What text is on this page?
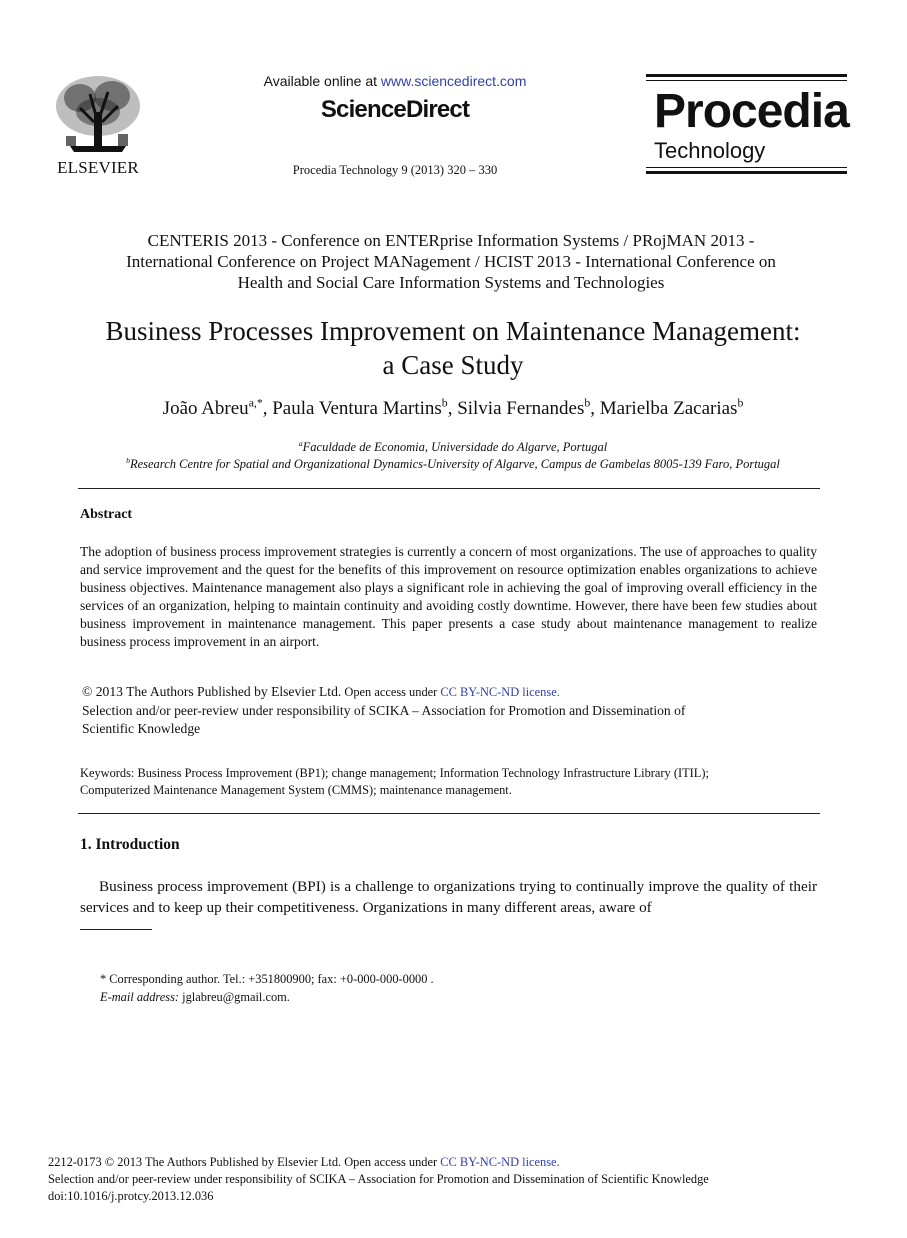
ELSEVIER
Available online at www.sciencedirect.com
ScienceDirect
Procedia Technology 9 (2013) 320 – 330
Procedia
Technology
CENTERIS 2013 - Conference on ENTERprise Information Systems / PRojMAN 2013 -
International Conference on Project MANagement / HCIST 2013 - International Conference on
Health and Social Care Information Systems and Technologies
Business Processes Improvement on Maintenance Management:
a Case Study
João Abreu$^{a,*}$, Paula Ventura Martins$^b$, Silvia Fernandes$^b$, Marielba Zacarias$^b$
$^a$Faculdade de Economia, Universidade do Algarve, Portugal
$^b$Research Centre for Spatial and Organizational Dynamics-University of Algarve, Campus de Gambelas 8005-139 Faro, Portugal
Abstract
The adoption of business process improvement strategies is currently a concern of most organizations. The use of approaches to quality and service improvement and the quest for the benefits of this improvement on resource optimization enables organizations to achieve business objectives. Maintenance management also plays a significant role in achieving the goal of improving overall efficiency in the services of an organization, helping to maintain continuity and avoiding costly downtime. However, there have been few studies about business improvement in maintenance management. This paper presents a case study about maintenance management to realize business process improvement in an airport.
© 2013 The Authors Published by Elsevier Ltd. Open access under CC BY-NC-ND license.
Selection and/or peer-review under responsibility of SCIKA – Association for Promotion and Dissemination of
Scientific Knowledge
Keywords: Business Process Improvement (BP1); change management; Information Technology Infrastructure Library (ITIL);
Computerized Maintenance Management System (CMMS); maintenance management.
1. Introduction
Business process improvement (BPI) is a challenge to organizations trying to continually improve the quality of their services and to keep up their competitiveness. Organizations in many different areas, aware of
* Corresponding author. Tel.: +351800900; fax: +0-000-000-0000 .
E-mail address: jglabreu@gmail.com.
2212-0173 © 2013 The Authors Published by Elsevier Ltd. Open access under CC BY-NC-ND license.
Selection and/or peer-review under responsibility of SCIKA – Association for Promotion and Dissemination of Scientific Knowledge
doi:10.1016/j.protcy.2013.12.036
